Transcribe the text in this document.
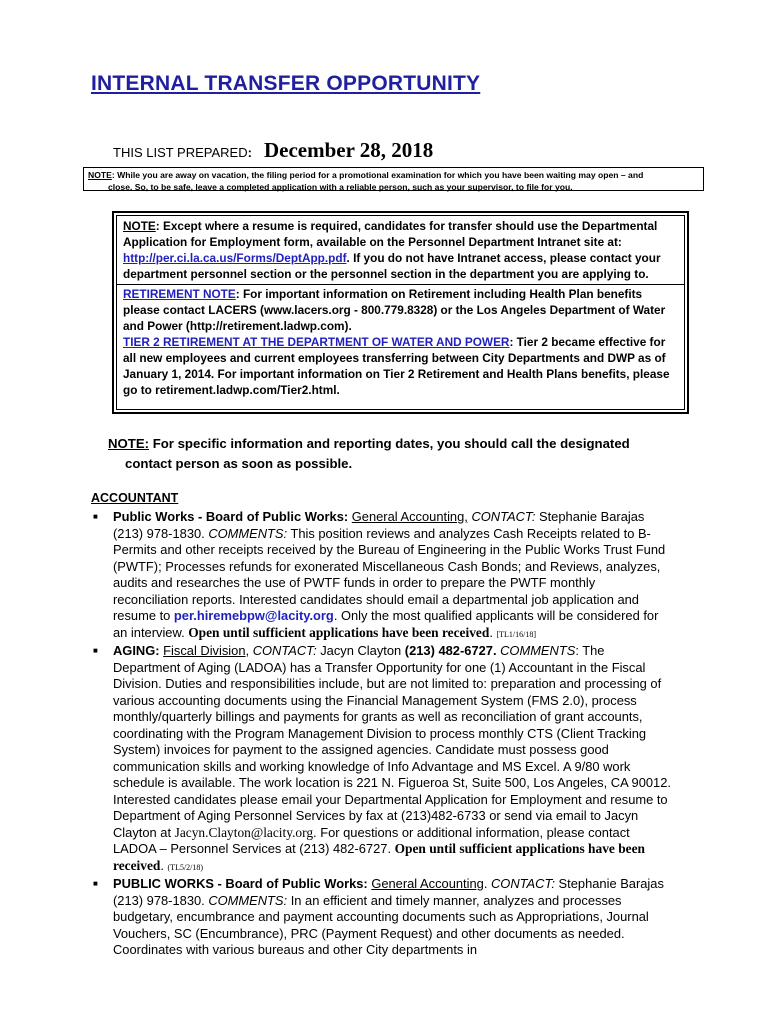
INTERNAL TRANSFER OPPORTUNITY
THIS LIST PREPARED: December 28, 2018
NOTE: While you are away on vacation, the filing period for a promotional examination for which you have been waiting may open – and
close. So, to be safe, leave a completed application with a reliable person, such as your supervisor, to file for you.
NOTE: Except where a resume is required, candidates for transfer should use the Departmental Application for Employment form, available on the Personnel Department Intranet site at: http://per.ci.la.ca.us/Forms/DeptApp.pdf. If you do not have Intranet access, please contact your department personnel section or the personnel section in the department you are applying to.
RETIREMENT NOTE: For important information on Retirement including Health Plan benefits please contact LACERS (www.lacers.org - 800.779.8328) or the Los Angeles Department of Water and Power (http://retirement.ladwp.com).
TIER 2 RETIREMENT AT THE DEPARTMENT OF WATER AND POWER: Tier 2 became effective for all new employees and current employees transferring between City Departments and DWP as of January 1, 2014. For important information on Tier 2 Retirement and Health Plans benefits, please go to retirement.ladwp.com/Tier2.html.
NOTE: For specific information and reporting dates, you should call the designated
contact person as soon as possible.
ACCOUNTANT
■ Public Works - Board of Public Works: General Accounting, CONTACT: Stephanie Barajas (213) 978-1830. COMMENTS: This position reviews and analyzes Cash Receipts related to B-Permits and other receipts received by the Bureau of Engineering in the Public Works Trust Fund (PWTF); Processes refunds for exonerated Miscellaneous Cash Bonds; and Reviews, analyzes, audits and researches the use of PWTF funds in order to prepare the PWTF monthly reconciliation reports. Interested candidates should email a departmental job application and resume to per.hiremebpw@lacity.org. Only the most qualified applicants will be considered for an interview. Open until sufficient applications have been received. [TL1/16/18]
■ AGING: Fiscal Division, CONTACT: Jacyn Clayton (213) 482-6727. COMMENTS: The Department of Aging (LADOA) has a Transfer Opportunity for one (1) Accountant in the Fiscal Division. Duties and responsibilities include, but are not limited to: preparation and processing of various accounting documents using the Financial Management System (FMS 2.0), process monthly/quarterly billings and payments for grants as well as reconciliation of grant accounts, coordinating with the Program Management Division to process monthly CTS (Client Tracking System) invoices for payment to the assigned agencies. Candidate must possess good communication skills and working knowledge of Info Advantage and MS Excel. A 9/80 work schedule is available. The work location is 221 N. Figueroa St, Suite 500, Los Angeles, CA 90012. Interested candidates please email your Departmental Application for Employment and resume to Department of Aging Personnel Services by fax at (213)482-6733 or send via email to Jacyn Clayton at Jacyn.Clayton@lacity.org. For questions or additional information, please contact LADOA – Personnel Services at (213) 482-6727. Open until sufficient applications have been received. (TL5/2/18)
■ PUBLIC WORKS - Board of Public Works: General Accounting. CONTACT: Stephanie Barajas (213) 978-1830. COMMENTS: In an efficient and timely manner, analyzes and processes budgetary, encumbrance and payment accounting documents such as Appropriations, Journal Vouchers, SC (Encumbrance), PRC (Payment Request) and other documents as needed. Coordinates with various bureaus and other City departments in
